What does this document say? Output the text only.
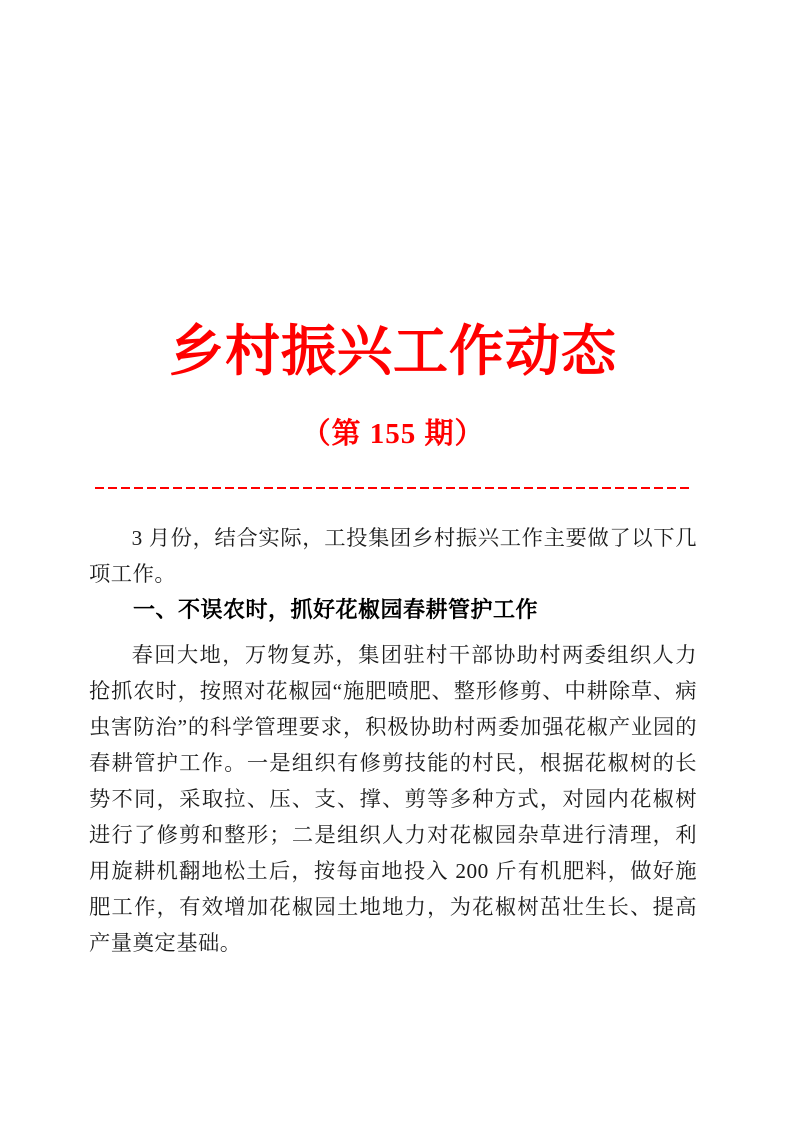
乡村振兴工作动态
（第 155 期）

3 月份，结合实际，工投集团乡村振兴工作主要做了以下几项工作。

一、不误农时，抓好花椒园春耕管护工作

春回大地，万物复苏，集团驻村干部协助村两委组织人力抢抓农时，按照对花椒园“施肥喷肥、整形修剪、中耕除草、病虫害防治”的科学管理要求，积极协助村两委加强花椒产业园的春耕管护工作。一是组织有修剪技能的村民，根据花椒树的长势不同，采取拉、压、支、撑、剪等多种方式，对园内花椒树进行了修剪和整形；二是组织人力对花椒园杂草进行清理，利用旋耕机翻地松土后，按每亩地投入 200 斤有机肥料，做好施肥工作，有效增加花椒园土地地力，为花椒树茁壮生长、提高产量奠定基础。
